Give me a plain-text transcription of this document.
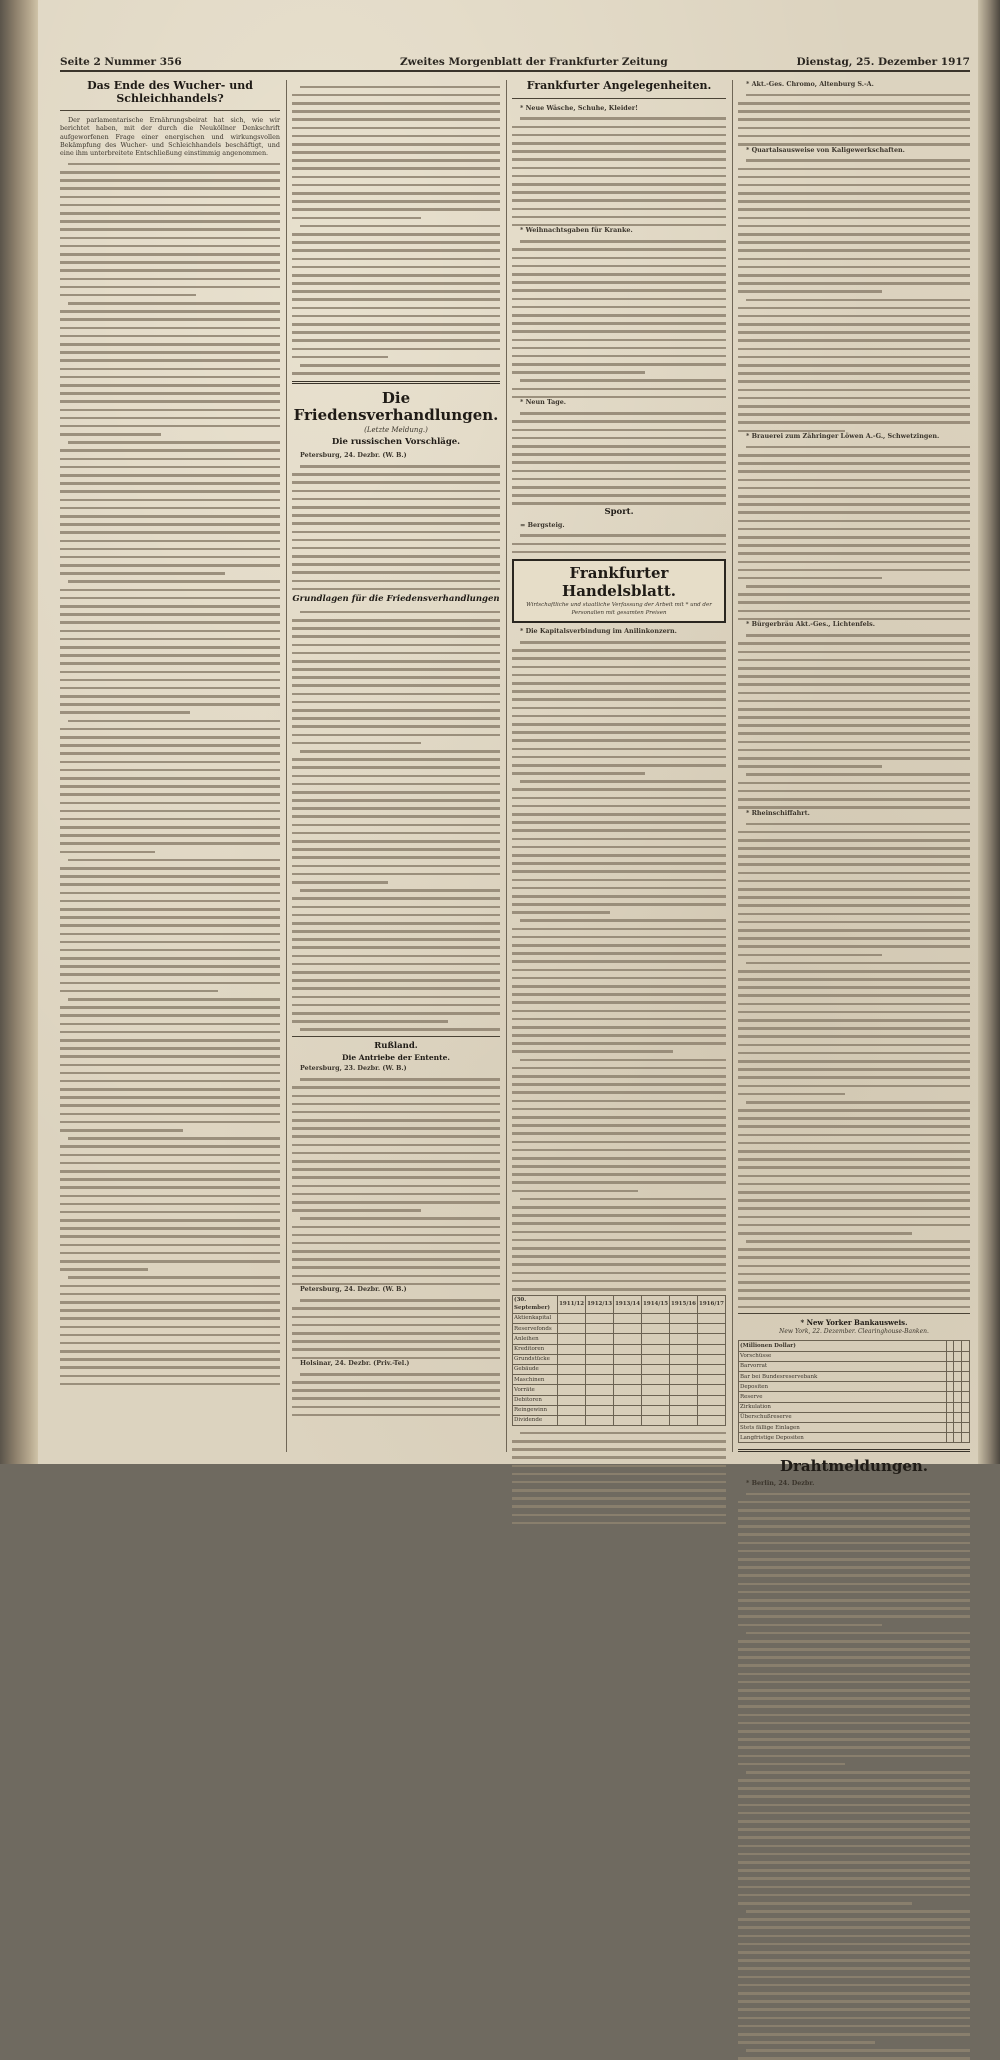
Seite 2 Nummer 356	Zweites Morgenblatt der Frankfurter Zeitung	Dienstag, 25. Dezember 1917
Das Ende des Wucher- und Schleichhandels?
Der parlamentarische Ernährungsbeirat hat sich, wie wir berichtet haben, mit der durch die Neuköllner Denkschrift aufgeworfenen Frage einer energischen und wirkungsvollen Bekämpfung des Wucher- und Schleichhandels beschäftigt, und eine ihm unterbreitete Entschließung einstimmig angenommen.
Die Friedensverhandlungen.
(Letzte Meldung.)
Die russischen Vorschläge.
Petersburg, 24. Dezbr. (W. B.)
Grundlagen für die Friedensverhandlungen
Rußland.
Die Antriebe der Entente.
Petersburg, 23. Dezbr. (W. B.)
Petersburg, 24. Dezbr. (W. B.)
Holsinar, 24. Dezbr. (Priv.-Tel.)
Frankfurter Angelegenheiten.
* Neue Wäsche, Schuhe, Kleider!
* Weihnachtsgaben für Kranke.
* Neun Tage.
Sport.
= Bergsteig.
Frankfurter Handelsblatt.
Wirtschaftliche und staatliche Verfassung der Arbeit mit * und der Personalien mit gesamten Preisen
* Die Kapitalsverbindung im Anilinkonzern.
(30. September)	1911/12	1912/13	1913/14	1914/15	1915/16	1916/17
Aktienkapital						
Reservefonds						
Anleihen						
Kreditoren						
Grundstücke						
Gebäude						
Maschinen						
Vorräte						
Debitoren						
Reingewinn						
Dividende						
* Akt.-Ges. Chromo, Altenburg S.-A.
* Quartalsausweise von Kaligewerkschaften.
* Brauerei zum Zähringer Löwen A.-G., Schwetzingen.
* Bürgerbräu Akt.-Ges., Lichtenfels.
* Rheinschiffahrt.
* New Yorker Bankausweis.
New York, 22. Dezember. Clearinghouse-Banken.
(Millionen Dollar)			
Vorschüsse			
Barvorrat			
Bar bei Bundesreservebank			
Depositen			
Reserve			
Zirkulation			
Überschußreserve			
Stets fällige Einlagen			
Langfristige Depositen			
Drahtmeldungen.
* Berlin, 24. Dezbr.
